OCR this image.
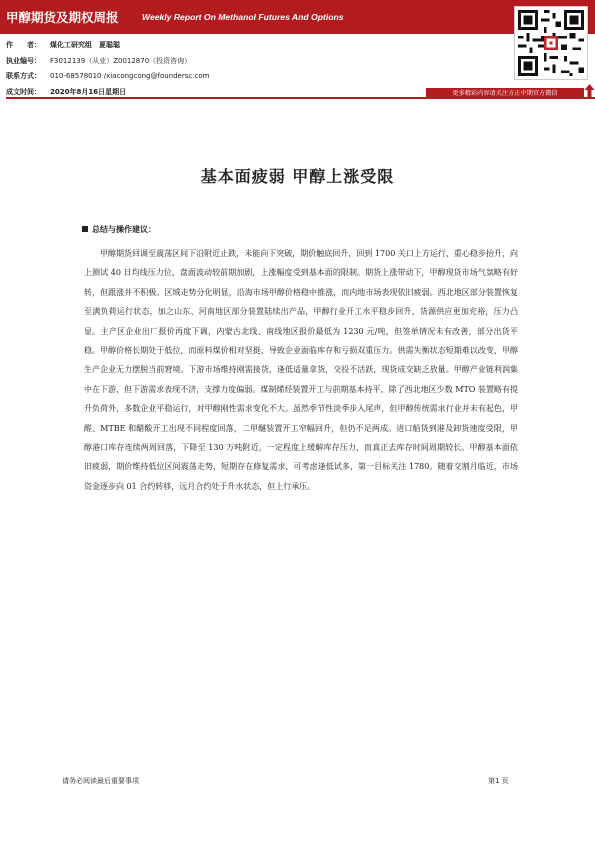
甲醇期货及期权周报	Weekly Report On Methanol Futures And Options
作　　者： 煤化工研究组　夏聪聪
执业编号： F3012139（从业）Z0012870（投资咨询）
联系方式： 010-68578010 /xiacongcong@foundersc.com
成文时间： 2020年8月16日星期日	更多精彩内容请关注方正中期官方微信
基本面疲弱 甲醇上涨受限
总结与操作建议：

甲醇期货回调至震荡区间下沿附近止跌，未能向下突破，期价触底回升，回到 1700 关口上方运行，重心稳步抬升，向上测试 40 日均线压力位，盘面波动较前期加剧，上涨幅度受到基本面的限制。期货上涨带动下，甲醇现货市场气氛略有好转，但跟涨并不积极。区域走势分化明显，沿海市场甲醇价格稳中推涨，而内地市场表现依旧疲弱。西北地区部分装置恢复至满负荷运行状态，加之山东、河南地区部分装置陆续出产品，甲醇行业开工水平稳步回升，货源供应更加充裕，压力凸显。主产区企业出厂报价再度下调，内蒙古北线、南线地区报价最低为 1230 元/吨，但签单情况未有改善，部分出货平稳。甲醇价格长期处于低位，而原料煤价相对坚挺，导致企业面临库存和亏损双重压力。供需失衡状态短期难以改变，甲醇生产企业无力摆脱当前窘境。下游市场维持刚需接货，逢低适量拿货，交投不活跃，现货成交缺乏放量。甲醇产业链利润集中在下游，但下游需求表现不济，支撑力度偏弱。煤制烯烃装置开工与前期基本持平，除了西北地区少数 MTO 装置略有提升负荷外，多数企业平稳运行，对甲醇刚性需求变化不大。虽然季节性淡季步入尾声，但甲醇传统需求行业并未有起色，甲醛、MTBE 和醋酸开工出现不同程度回落，二甲醚装置开工窄幅回升，但仍不足两成。进口船货到港及卸货速度受限，甲醇港口库存连续两周回落，下降至 130 万吨附近，一定程度上缓解库存压力，而真正去库存时间周期较长。甲醇基本面依旧疲弱，期价维持低位区间震荡走势，短期存在修复需求，可考虑逢低试多，第一目标关注 1780。随着交割月临近，市场资金逐步向 01 合约转移，远月合约处于升水状态，但上行承压。

请务必阅读最后重要事项	第1 页
